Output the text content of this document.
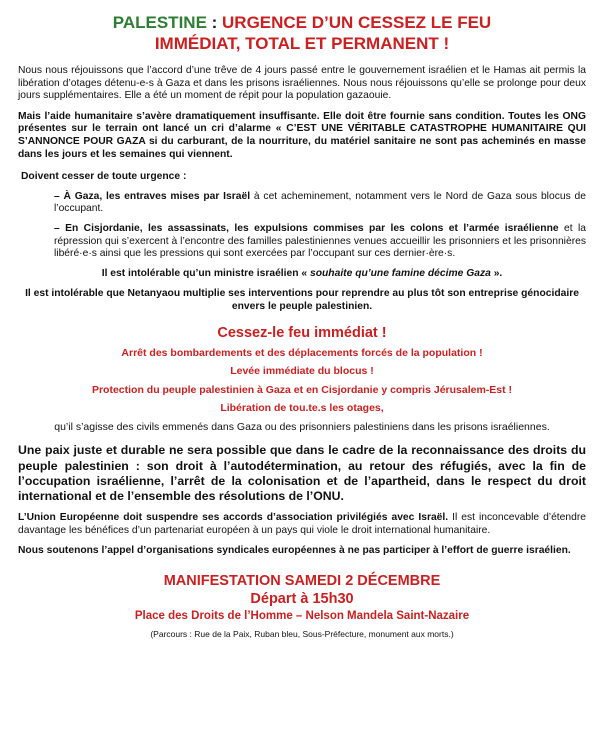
PALESTINE : URGENCE D’UN CESSEZ LE FEU
IMMÉDIAT, TOTAL ET PERMANENT !

Nous nous réjouissons que l’accord d’une trêve de 4 jours passé entre le gouvernement israélien et le Hamas ait permis la libération d’otages détenu-e-s à Gaza et dans les prisons israéliennes. Nous nous réjouissons qu’elle se prolonge pour deux jours supplémentaires. Elle a été un moment de répit pour la population gazaouie.

Mais l’aide humanitaire s’avère dramatiquement insuffisante. Elle doit être fournie sans condition. Toutes les ONG présentes sur le terrain ont lancé un cri d’alarme « C’EST UNE VÉRITABLE CATASTROPHE HUMANITAIRE QUI S’ANNONCE POUR GAZA si du carburant, de la nourriture, du matériel sanitaire ne sont pas acheminés en masse dans les jours et les semaines qui viennent.

Doivent cesser de toute urgence :

– À Gaza, les entraves mises par Israël à cet acheminement, notamment vers le Nord de Gaza sous blocus de l’occupant.

– En Cisjordanie, les assassinats, les expulsions commises par les colons et l’armée israélienne et la répression qui s’exercent à l’encontre des familles palestiniennes venues accueillir les prisonniers et les prisonnières libéré·e·s ainsi que les pressions qui sont exercées par l’occupant sur ces dernier·ère·s.

Il est intolérable qu’un ministre israélien « souhaite qu’une famine décime Gaza ».

Il est intolérable que Netanyaou multiplie ses interventions pour reprendre au plus tôt son entreprise génocidaire envers le peuple palestinien.

Cessez-le feu immédiat !
Arrêt des bombardements et des déplacements forcés de la population !
Levée immédiate du blocus !
Protection du peuple palestinien à Gaza et en Cisjordanie y compris Jérusalem-Est !
Libération de tou.te.s les otages,
qu’il s’agisse des civils emmenés dans Gaza ou des prisonniers palestiniens dans les prisons israéliennes.

Une paix juste et durable ne sera possible que dans le cadre de la reconnaissance des droits du peuple palestinien : son droit à l’autodétermination, au retour des réfugiés, avec la fin de l’occupation israélienne, l’arrêt de la colonisation et de l’apartheid, dans le respect du droit international et de l’ensemble des résolutions de l’ONU.

L’Union Européenne doit suspendre ses accords d’association privilégiés avec Israël. Il est inconcevable d’étendre davantage les bénéfices d’un partenariat européen à un pays qui viole le droit international humanitaire.

Nous soutenons l’appel d’organisations syndicales européennes à ne pas participer à l’effort de guerre israélien.

MANIFESTATION SAMEDI 2 DÉCEMBRE
Départ à 15h30
Place des Droits de l’Homme – Nelson Mandela Saint-Nazaire
(Parcours : Rue de la Paix, Ruban bleu, Sous-Préfecture, monument aux morts.)
